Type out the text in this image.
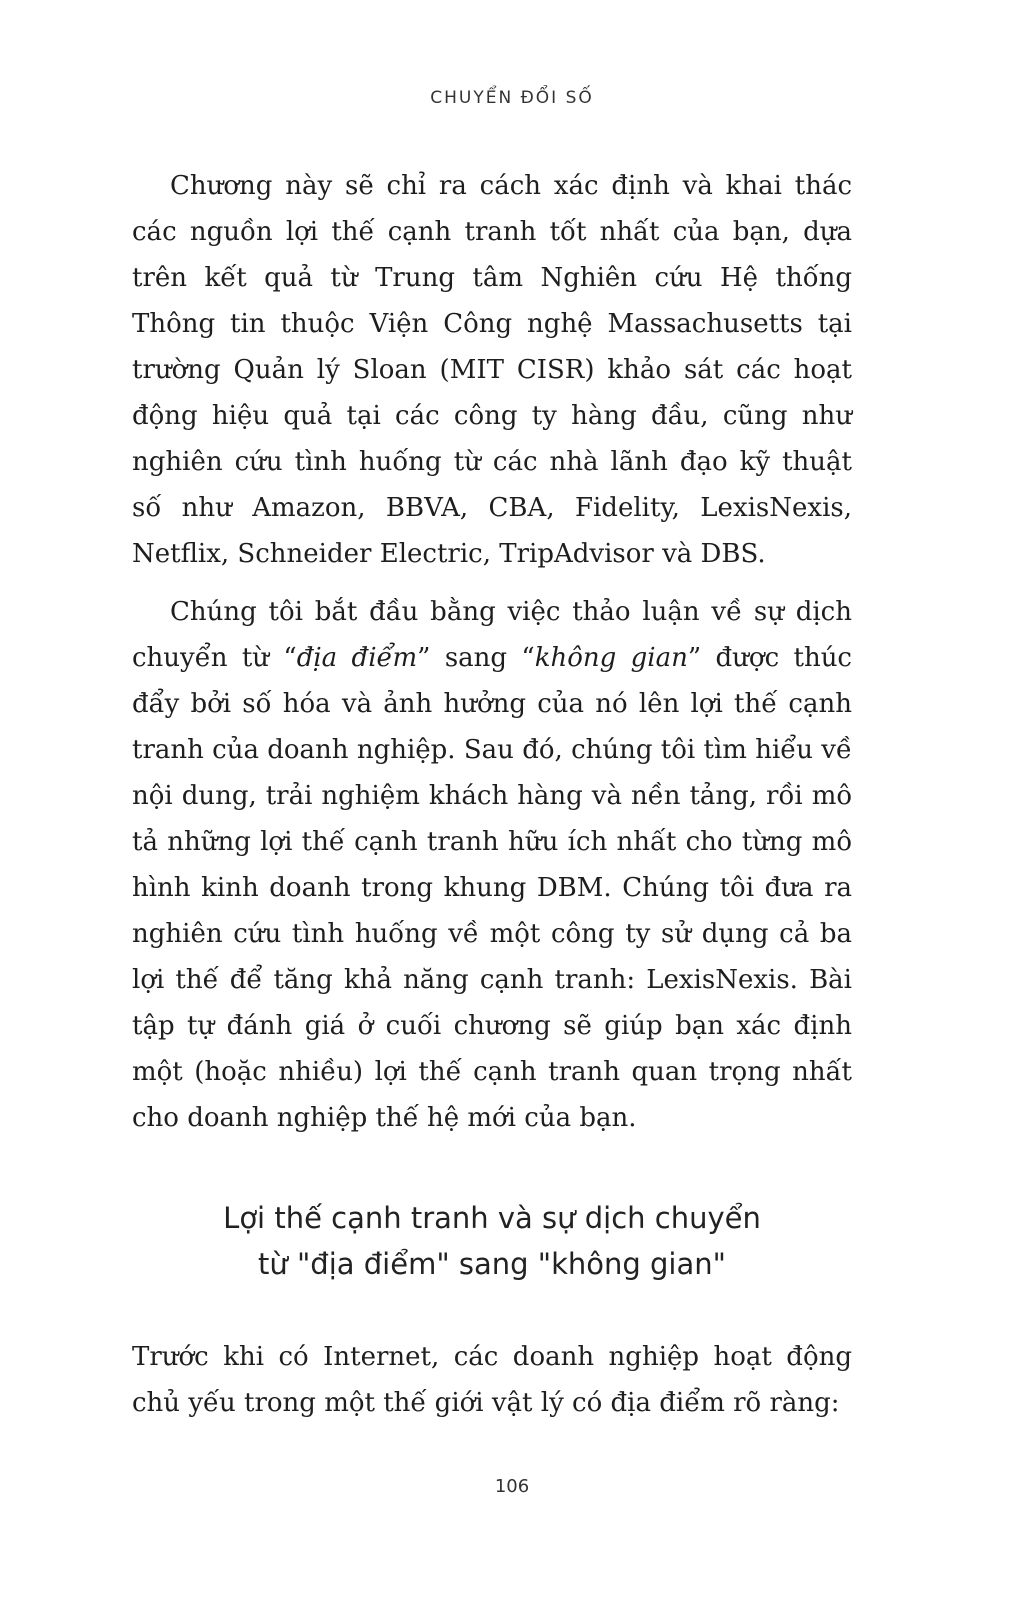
CHUYỂN ĐỔI SỐ

Chương này sẽ chỉ ra cách xác định và khai thác các nguồn lợi thế cạnh tranh tốt nhất của bạn, dựa trên kết quả từ Trung tâm Nghiên cứu Hệ thống Thông tin thuộc Viện Công nghệ Massachusetts tại trường Quản lý Sloan (MIT CISR) khảo sát các hoạt động hiệu quả tại các công ty hàng đầu, cũng như nghiên cứu tình huống từ các nhà lãnh đạo kỹ thuật số như Amazon, BBVA, CBA, Fidelity, LexisNexis, Netflix, Schneider Electric, TripAdvisor và DBS.

Chúng tôi bắt đầu bằng việc thảo luận về sự dịch chuyển từ “địa điểm” sang “không gian” được thúc đẩy bởi số hóa và ảnh hưởng của nó lên lợi thế cạnh tranh của doanh nghiệp. Sau đó, chúng tôi tìm hiểu về nội dung, trải nghiệm khách hàng và nền tảng, rồi mô tả những lợi thế cạnh tranh hữu ích nhất cho từng mô hình kinh doanh trong khung DBM. Chúng tôi đưa ra nghiên cứu tình huống về một công ty sử dụng cả ba lợi thế để tăng khả năng cạnh tranh: LexisNexis. Bài tập tự đánh giá ở cuối chương sẽ giúp bạn xác định một (hoặc nhiều) lợi thế cạnh tranh quan trọng nhất cho doanh nghiệp thế hệ mới của bạn.

Lợi thế cạnh tranh và sự dịch chuyển
từ "địa điểm" sang "không gian"

Trước khi có Internet, các doanh nghiệp hoạt động chủ yếu trong một thế giới vật lý có địa điểm rõ ràng:

106
